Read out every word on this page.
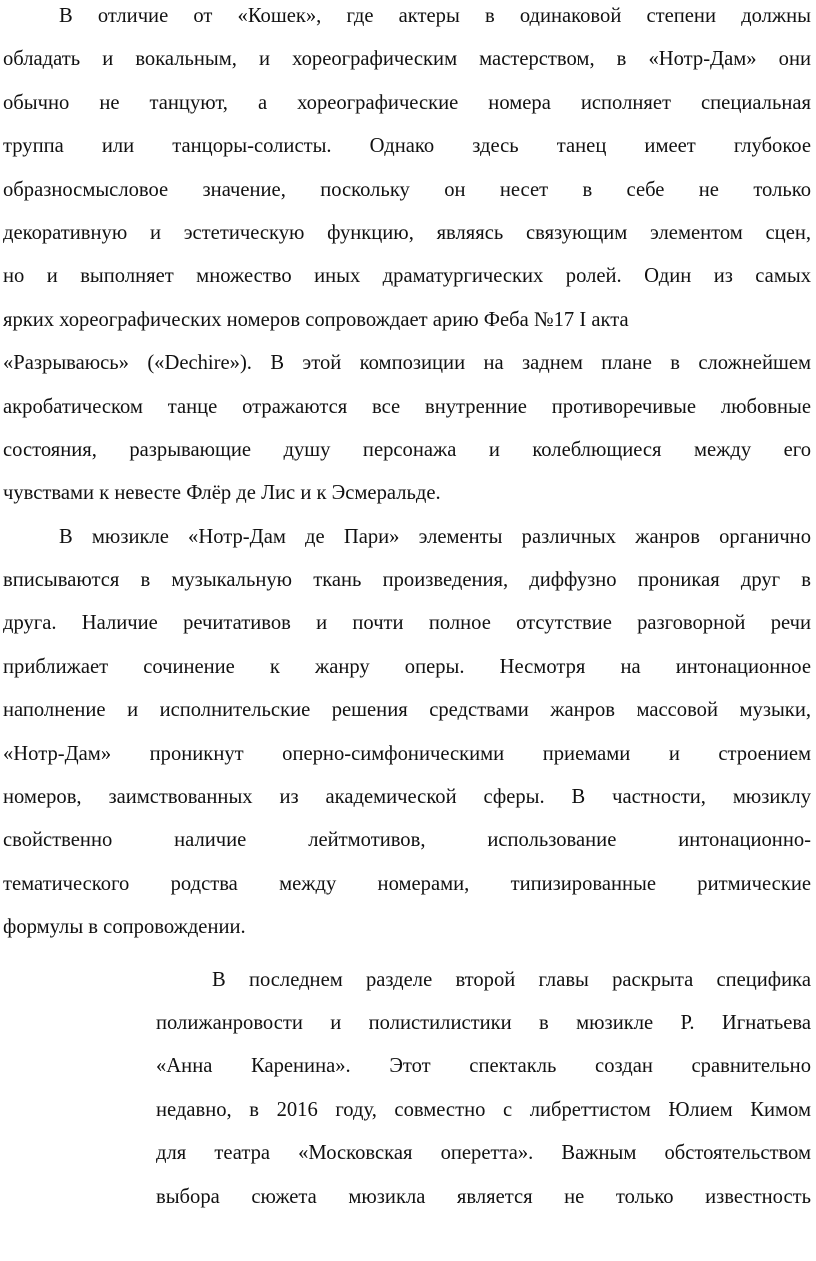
В отличие от «Кошек», где актеры в одинаковой степени должны
обладать и вокальным, и хореографическим мастерством, в «Нотр-Дам» они
обычно не танцуют, а хореографические номера исполняет специальная
труппа или танцоры-солисты. Однако здесь танец имеет глубокое
образносмысловое значение, поскольку он несет в себе не только
декоративную и эстетическую функцию, являясь связующим элементом сцен,
но и выполняет множество иных драматургических ролей. Один из самых
ярких хореографических номеров сопровождает арию Феба №17 I акта
«Разрываюсь» («Dechire»). В этой композиции на заднем плане в сложнейшем
акробатическом танце отражаются все внутренние противоречивые любовные
состояния, разрывающие душу персонажа и колеблющиеся между его
чувствами к невесте Флёр де Лис и к Эсмеральде.
В мюзикле «Нотр-Дам де Пари» элементы различных жанров органично
вписываются в музыкальную ткань произведения, диффузно проникая друг в
друга. Наличие речитативов и почти полное отсутствие разговорной речи
приближает сочинение к жанру оперы. Несмотря на интонационное
наполнение и исполнительские решения средствами жанров массовой музыки,
«Нотр-Дам» проникнут оперно-симфоническими приемами и строением
номеров, заимствованных из академической сферы. В частности, мюзиклу
свойственно наличие лейтмотивов, использование интонационно-
тематического родства между номерами, типизированные ритмические
формулы в сопровождении.
В последнем разделе второй главы раскрыта специфика
полижанровости и полистилистики в мюзикле Р. Игнатьева
«Анна Каренина». Этот спектакль создан сравнительно
недавно, в 2016 году, совместно с либреттистом Юлием Кимом
для театра «Московская оперетта». Важным обстоятельством
выбора сюжета мюзикла является не только известность
